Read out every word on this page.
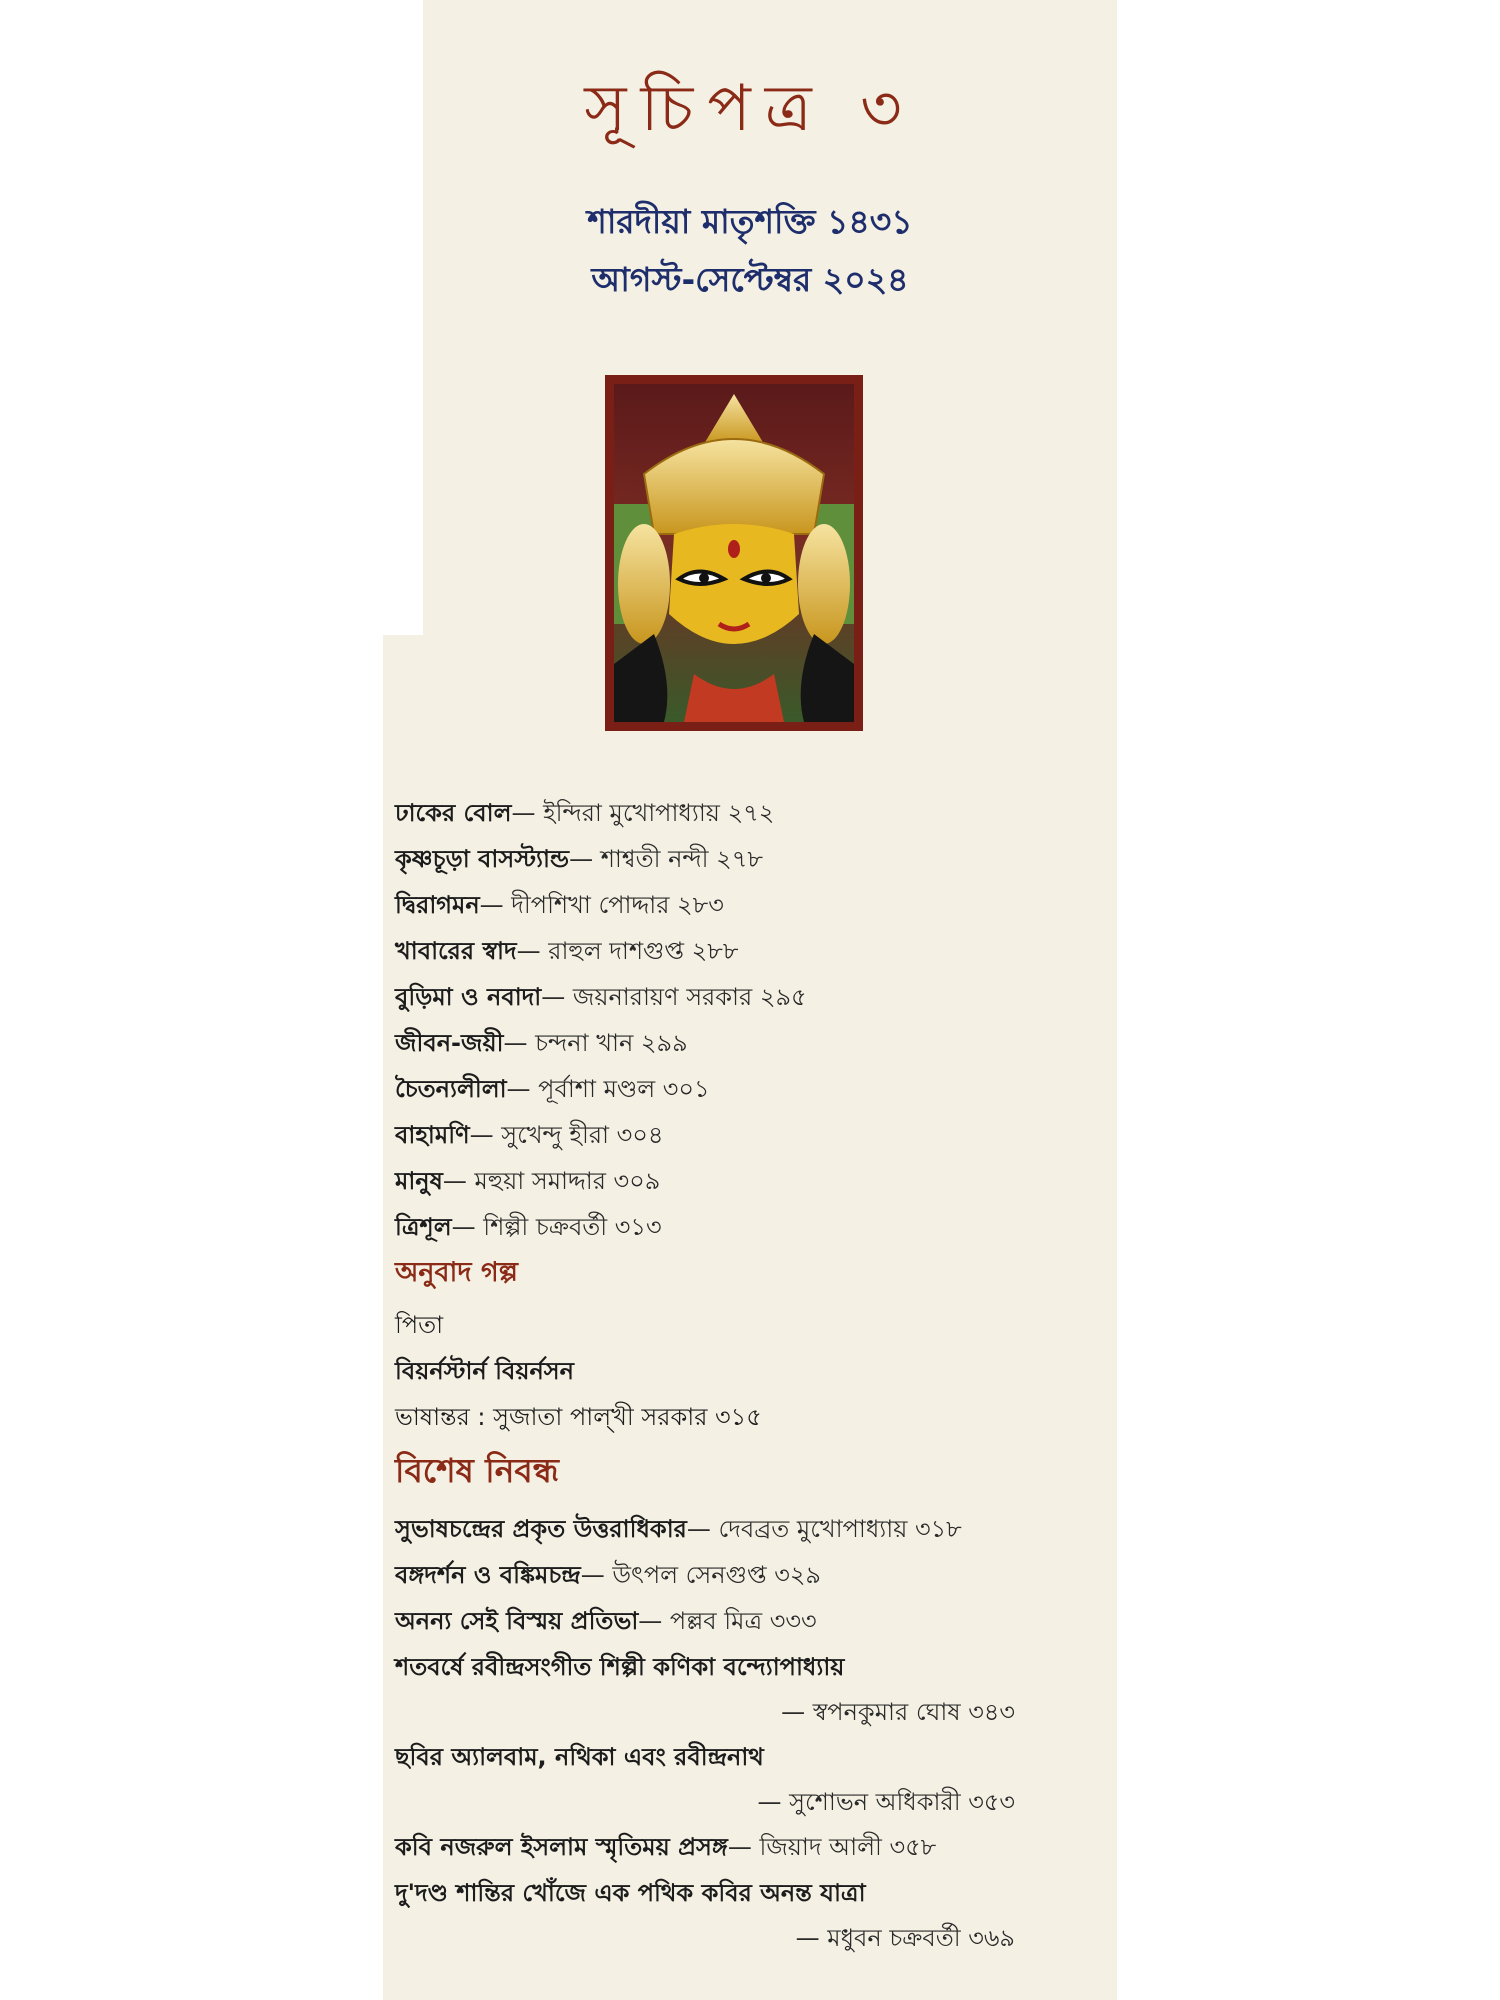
সূচিপত্র ৩
শারদীয়া মাতৃশক্তি ১৪৩১
আগস্ট-সেপ্টেম্বর ২০২৪
ঢাকের বোল— ইন্দিরা মুখোপাধ্যায় ২৭২
কৃষ্ণচূড়া বাসস্ট্যান্ড— শাশ্বতী নন্দী ২৭৮
দ্বিরাগমন— দীপশিখা পোদ্দার ২৮৩
খাবারের স্বাদ— রাহুল দাশগুপ্ত ২৮৮
বুড়িমা ও নবাদা— জয়নারায়ণ সরকার ২৯৫
জীবন-জয়ী— চন্দনা খান ২৯৯
চৈতন্যলীলা— পূর্বাশা মণ্ডল ৩০১
বাহামণি— সুখেন্দু হীরা ৩০৪
মানুষ— মহুয়া সমাদ্দার ৩০৯
ত্রিশূল— শিল্পী চক্রবর্তী ৩১৩
অনুবাদ গল্প
পিতা
বিয়র্নস্টার্ন বিয়র্নসন
ভাষান্তর : সুজাতা পাল্খী সরকার ৩১৫
বিশেষ নিবন্ধ
সুভাষচন্দ্রের প্রকৃত উত্তরাধিকার— দেবব্রত মুখোপাধ্যায় ৩১৮
বঙ্গদর্শন ও বঙ্কিমচন্দ্র— উৎপল সেনগুপ্ত ৩২৯
অনন্য সেই বিস্ময় প্রতিভা— পল্লব মিত্র ৩৩৩
শতবর্ষে রবীন্দ্রসংগীত শিল্পী কণিকা বন্দ্যোপাধ্যায়
— স্বপনকুমার ঘোষ ৩৪৩
ছবির অ্যালবাম, নথিকা এবং রবীন্দ্রনাথ
— সুশোভন অধিকারী ৩৫৩
কবি নজরুল ইসলাম স্মৃতিময় প্রসঙ্গ— জিয়াদ আলী ৩৫৮
দু'দণ্ড শান্তির খোঁজে এক পথিক কবির অনন্ত যাত্রা
— মধুবন চক্রবর্তী ৩৬৯
